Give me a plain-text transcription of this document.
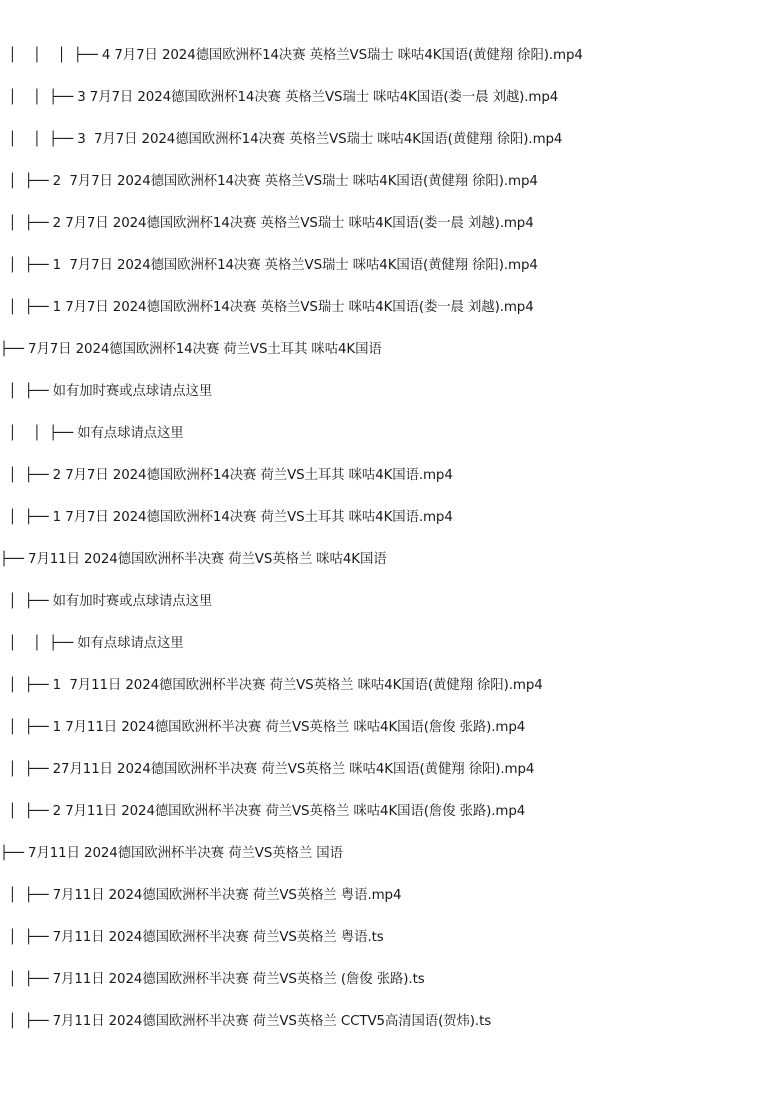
│    │    │  ├── 4 7月7日 2024德国欧洲杯14决赛 英格兰VS瑞士 咪咕4K国语(黄健翔 徐阳).mp4
│    │  ├── 3 7月7日 2024德国欧洲杯14决赛 英格兰VS瑞士 咪咕4K国语(娄一晨 刘越).mp4
│    │  ├── 3  7月7日 2024德国欧洲杯14决赛 英格兰VS瑞士 咪咕4K国语(黄健翔 徐阳).mp4
│  ├── 2  7月7日 2024德国欧洲杯14决赛 英格兰VS瑞士 咪咕4K国语(黄健翔 徐阳).mp4
│  ├── 2 7月7日 2024德国欧洲杯14决赛 英格兰VS瑞士 咪咕4K国语(娄一晨 刘越).mp4
│  ├── 1  7月7日 2024德国欧洲杯14决赛 英格兰VS瑞士 咪咕4K国语(黄健翔 徐阳).mp4
│  ├── 1 7月7日 2024德国欧洲杯14决赛 英格兰VS瑞士 咪咕4K国语(娄一晨 刘越).mp4
├── 7月7日 2024德国欧洲杯14决赛 荷兰VS土耳其 咪咕4K国语
│  ├── 如有加时赛或点球请点这里
│    │  ├── 如有点球请点这里
│  ├── 2 7月7日 2024德国欧洲杯14决赛 荷兰VS土耳其 咪咕4K国语.mp4
│  ├── 1 7月7日 2024德国欧洲杯14决赛 荷兰VS土耳其 咪咕4K国语.mp4
├── 7月11日 2024德国欧洲杯半决赛 荷兰VS英格兰 咪咕4K国语
│  ├── 如有加时赛或点球请点这里
│    │  ├── 如有点球请点这里
│  ├── 1  7月11日 2024德国欧洲杯半决赛 荷兰VS英格兰 咪咕4K国语(黄健翔 徐阳).mp4
│  ├── 1 7月11日 2024德国欧洲杯半决赛 荷兰VS英格兰 咪咕4K国语(詹俊 张路).mp4
│  ├── 27月11日 2024德国欧洲杯半决赛 荷兰VS英格兰 咪咕4K国语(黄健翔 徐阳).mp4
│  ├── 2 7月11日 2024德国欧洲杯半决赛 荷兰VS英格兰 咪咕4K国语(詹俊 张路).mp4
├── 7月11日 2024德国欧洲杯半决赛 荷兰VS英格兰 国语
│  ├── 7月11日 2024德国欧洲杯半决赛 荷兰VS英格兰 粤语.mp4
│  ├── 7月11日 2024德国欧洲杯半决赛 荷兰VS英格兰 粤语.ts
│  ├── 7月11日 2024德国欧洲杯半决赛 荷兰VS英格兰 (詹俊 张路).ts
│  ├── 7月11日 2024德国欧洲杯半决赛 荷兰VS英格兰 CCTV5高清国语(贺炜).ts
